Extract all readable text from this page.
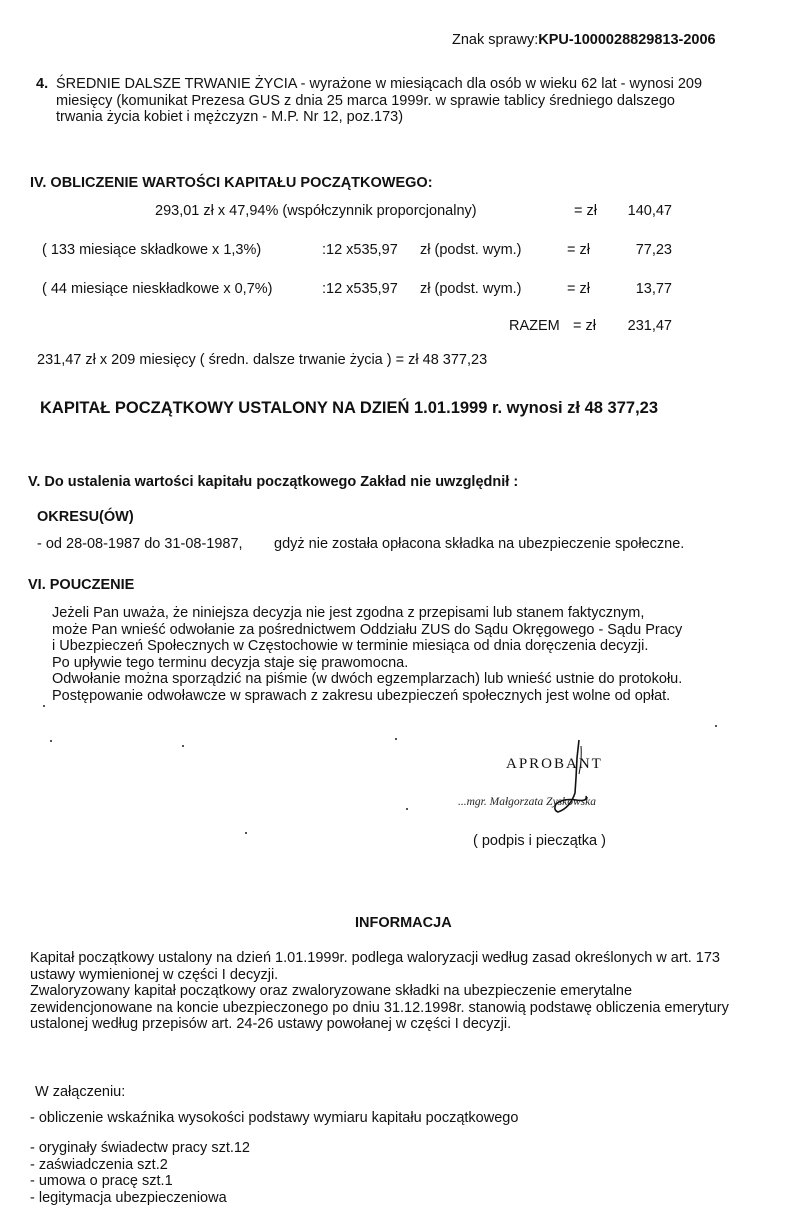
Znak sprawy:KPU-1000028829813-2006
4. ŚREDNIE DALSZE TRWANIE ŻYCIA - wyrażone w miesiącach dla osób w wieku 62 lat - wynosi 209
miesięcy (komunikat Prezesa GUS z dnia 25 marca 1999r. w sprawie tablicy średniego dalszego
trwania życia kobiet i mężczyzn - M.P. Nr 12, poz.173)
IV. OBLICZENIE WARTOŚCI KAPITAŁU POCZĄTKOWEGO:
293,01 zł x 47,94% (współczynnik proporcjonalny)	= zł	140,47
( 133 miesiące składkowe x 1,3%)	:12 x535,97 zł (podst. wym.)	= zł	77,23
( 44 miesiące nieskładkowe x 0,7%)	:12 x535,97 zł (podst. wym.)	= zł	13,77
RAZEM = zł	231,47
231,47 zł x 209 miesięcy ( średn. dalsze trwanie życia ) = zł 48 377,23
KAPITAŁ POCZĄTKOWY USTALONY NA DZIEŃ 1.01.1999 r. wynosi zł 48 377,23
V. Do ustalenia wartości kapitału początkowego Zakład nie uwzględnił :
OKRESU(ÓW)
- od 28-08-1987 do 31-08-1987, gdyż nie została opłacona składka na ubezpieczenie społeczne.
VI. POUCZENIE
Jeżeli Pan uważa, że niniejsza decyzja nie jest zgodna z przepisami lub stanem faktycznym,
może Pan wnieść odwołanie za pośrednictwem Oddziału ZUS do Sądu Okręgowego - Sądu Pracy
i Ubezpieczeń Społecznych w Częstochowie w terminie miesiąca od dnia doręczenia decyzji.
Po upływie tego terminu decyzja staje się prawomocna.
Odwołanie można sporządzić na piśmie (w dwóch egzemplarzach) lub wnieść ustnie do protokołu.
Postępowanie odwoławcze w sprawach z zakresu ubezpieczeń społecznych jest wolne od opłat.
APROBANT
...mgr. Małgorzata Zyskowska
( podpis i pieczątka )
INFORMACJA
Kapitał początkowy ustalony na dzień 1.01.1999r. podlega waloryzacji według zasad określonych w art. 173
ustawy wymienionej w części I decyzji.
Zwaloryzowany kapitał początkowy oraz zwaloryzowane składki na ubezpieczenie emerytalne
zewidencjonowane na koncie ubezpieczonego po dniu 31.12.1998r. stanowią podstawę obliczenia emerytury
ustalonej według przepisów art. 24-26 ustawy powołanej w części I decyzji.
W załączeniu:
- obliczenie wskaźnika wysokości podstawy wymiaru kapitału początkowego
- oryginały świadectw pracy szt.12
- zaświadczenia szt.2
- umowa o pracę szt.1
- legitymacja ubezpieczeniowa
